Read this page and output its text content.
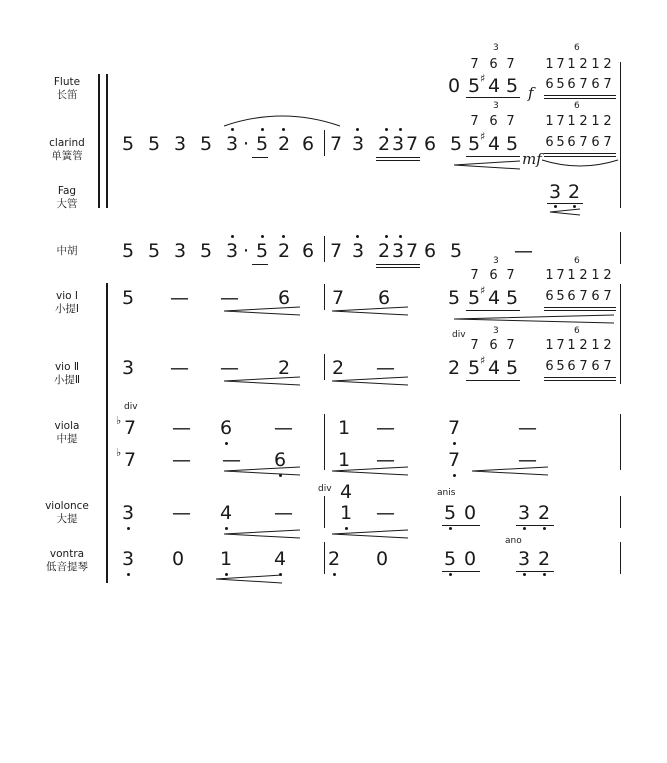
Flute
长笛
clarind
单簧管
Fag
大管
中胡
vio Ⅰ
小提Ⅰ
vio Ⅱ
小提Ⅱ
viola
中提
violonce
大提
vontra
低音提琴
0
7 6 7
3
5 ♯ 4 5 f
6
1 7 1 2 1 2
6 5 6 7 6 7
5 5 3 5 3 · 5 2 6 7 3 2 3 7 6 5
3
7 6 7
5 ♯ 4 5
mf
6
1 7 1 2 1 2
6 5 6 7 6 7
3 2
5 5 3 5 3 · 5 2 6 7 3 2 3 7 6 5	—
5 — — 6 7 6	5
3
7 6 7
5 ♯ 4 5
6
1 7 1 2 1 2
6 5 6 7 6 7
div
3 — — 2 2 —	2
3
7 6 7
5 ♯ 4 5
6
1 7 1 2 1 2
6 5 6 7 6 7
div
♭ 7 — 6 — 1 —	7	—
♭ 7 — — 6	1 —	7	—
3 — 4 —
div 4
1 —
anis
5 0 3 2
3 0 1 4 2 0
ano
5 0 3 2
